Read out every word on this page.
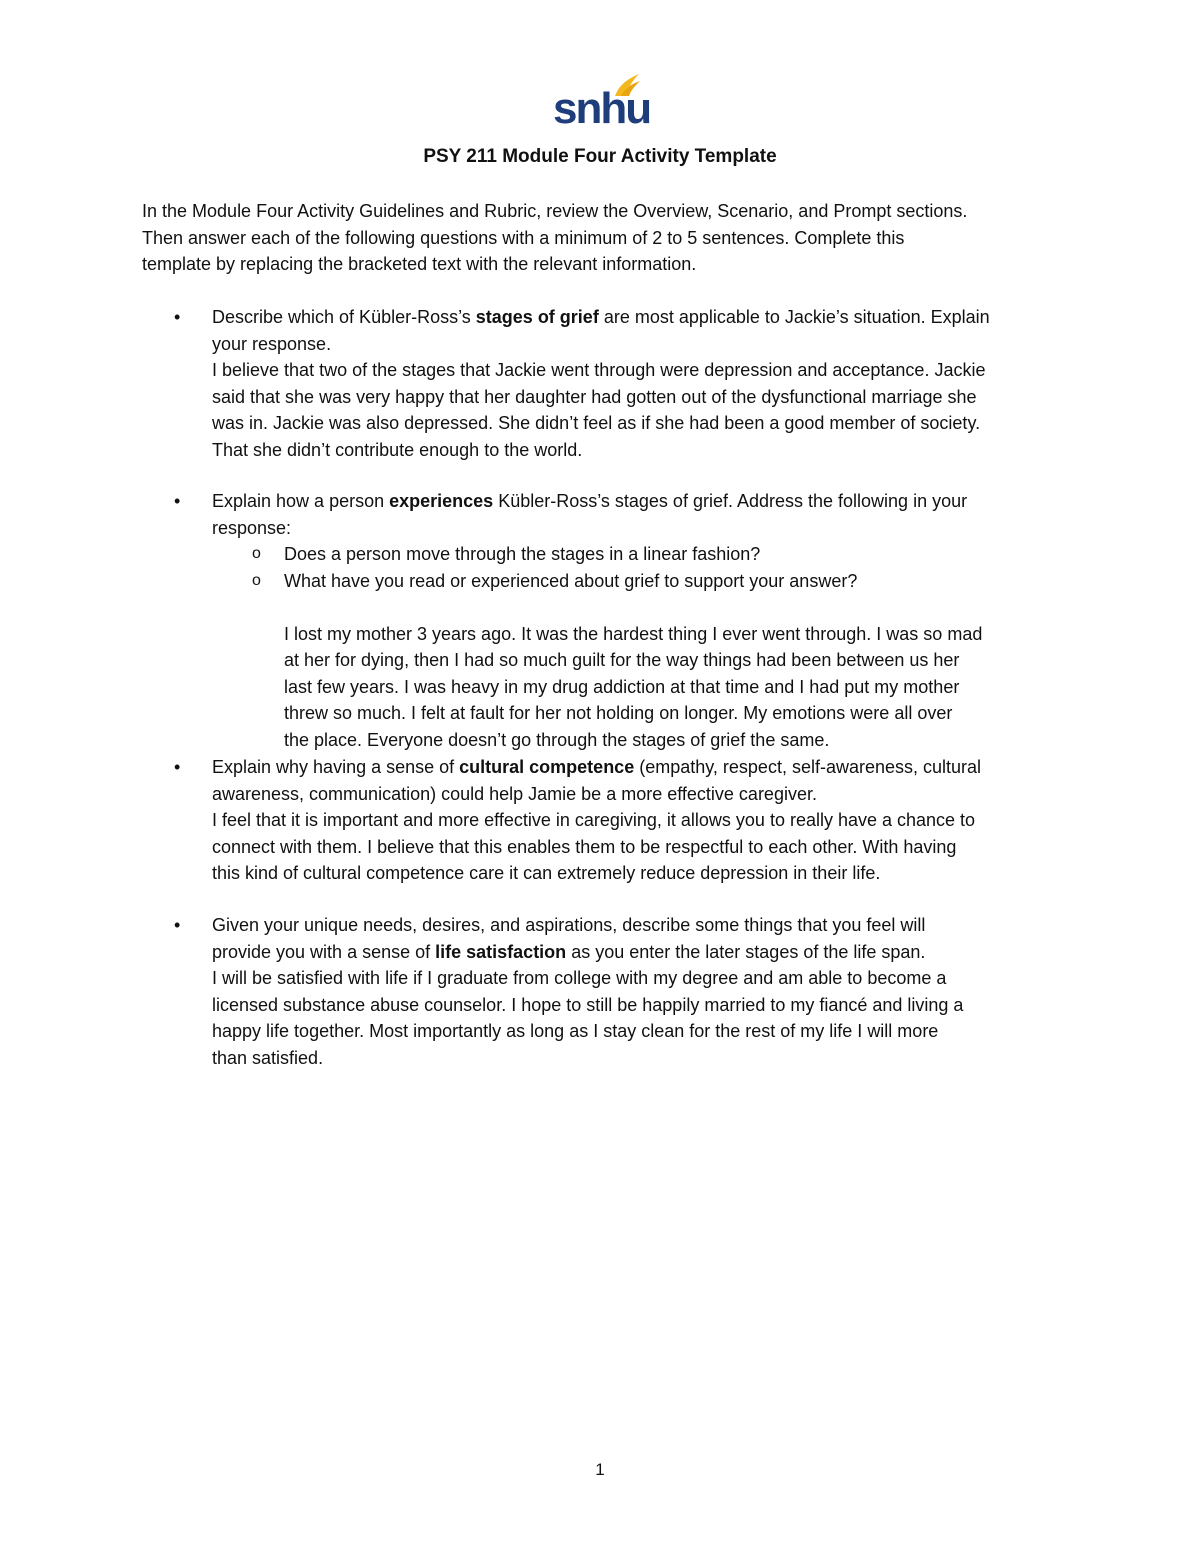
snhu
PSY 211 Module Four Activity Template
In the Module Four Activity Guidelines and Rubric, review the Overview, Scenario, and Prompt sections.
Then answer each of the following questions with a minimum of 2 to 5 sentences. Complete this
template by replacing the bracketed text with the relevant information.
•	Describe which of Kübler-Ross’s stages of grief are most applicable to Jackie’s situation. Explain
your response.
I believe that two of the stages that Jackie went through were depression and acceptance. Jackie
said that she was very happy that her daughter had gotten out of the dysfunctional marriage she
was in. Jackie was also depressed. She didn’t feel as if she had been a good member of society.
That she didn’t contribute enough to the world.
•	Explain how a person experiences Kübler-Ross’s stages of grief. Address the following in your
response:
o	Does a person move through the stages in a linear fashion?
o	What have you read or experienced about grief to support your answer?
I lost my mother 3 years ago. It was the hardest thing I ever went through. I was so mad
at her for dying, then I had so much guilt for the way things had been between us her
last few years. I was heavy in my drug addiction at that time and I had put my mother
threw so much. I felt at fault for her not holding on longer. My emotions were all over
the place. Everyone doesn’t go through the stages of grief the same.
•	Explain why having a sense of cultural competence (empathy, respect, self-awareness, cultural
awareness, communication) could help Jamie be a more effective caregiver.
I feel that it is important and more effective in caregiving, it allows you to really have a chance to
connect with them. I believe that this enables them to be respectful to each other. With having
this kind of cultural competence care it can extremely reduce depression in their life.
•	Given your unique needs, desires, and aspirations, describe some things that you feel will
provide you with a sense of life satisfaction as you enter the later stages of the life span.
I will be satisfied with life if I graduate from college with my degree and am able to become a
licensed substance abuse counselor. I hope to still be happily married to my fiancé and living a
happy life together. Most importantly as long as I stay clean for the rest of my life I will more
than satisfied.
1
